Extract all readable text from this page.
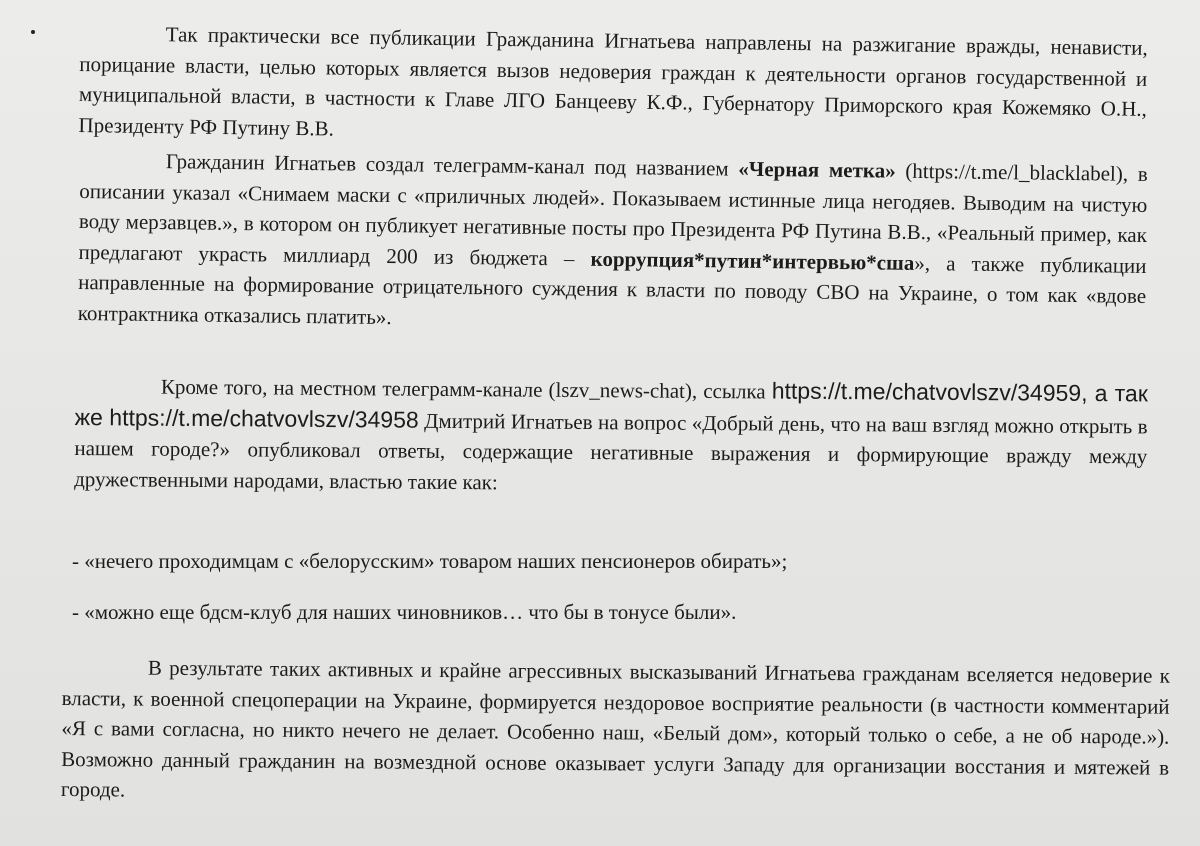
Так практически все публикации Гражданина Игнатьева направлены на разжигание вражды, ненависти, порицание власти, целью которых является вызов недоверия граждан к деятельности органов государственной и муниципальной власти, в частности к Главе ЛГО Банцееву К.Ф., Губернатору Приморского края Кожемяко О.Н., Президенту РФ Путину В.В.

Гражданин Игнатьев создал телеграмм-канал под названием «Черная метка» (https://t.me/l_blacklabel), в описании указал «Снимаем маски с «приличных людей». Показываем истинные лица негодяев. Выводим на чистую воду мерзавцев.», в котором он публикует негативные посты про Президента РФ Путина В.В., «Реальный пример, как предлагают украсть миллиард 200 из бюджета – коррупция*путин*интервью*сша», а также публикации направленные на формирование отрицательного суждения к власти по поводу СВО на Украине, о том как «вдове контрактника отказались платить».

Кроме того, на местном телеграмм-канале (lszv_news-chat), ссылка https://t.me/chatvovlszv/34959, а так же https://t.me/chatvovlszv/34958 Дмитрий Игнатьев на вопрос «Добрый день, что на ваш взгляд можно открыть в нашем городе?» опубликовал ответы, содержащие негативные выражения и формирующие вражду между дружественными народами, властью такие как:

- «нечего проходимцам с «белорусским» товаром наших пенсионеров обирать»;

- «можно еще бдсм-клуб для наших чиновников… что бы в тонусе были».

В результате таких активных и крайне агрессивных высказываний Игнатьева гражданам вселяется недоверие к власти, к военной спецоперации на Украине, формируется нездоровое восприятие реальности (в частности комментарий «Я с вами согласна, но никто нечего не делает. Особенно наш, «Белый дом», который только о себе, а не об народе.»). Возможно данный гражданин на возмездной основе оказывает услуги Западу для организации восстания и мятежей в городе.
